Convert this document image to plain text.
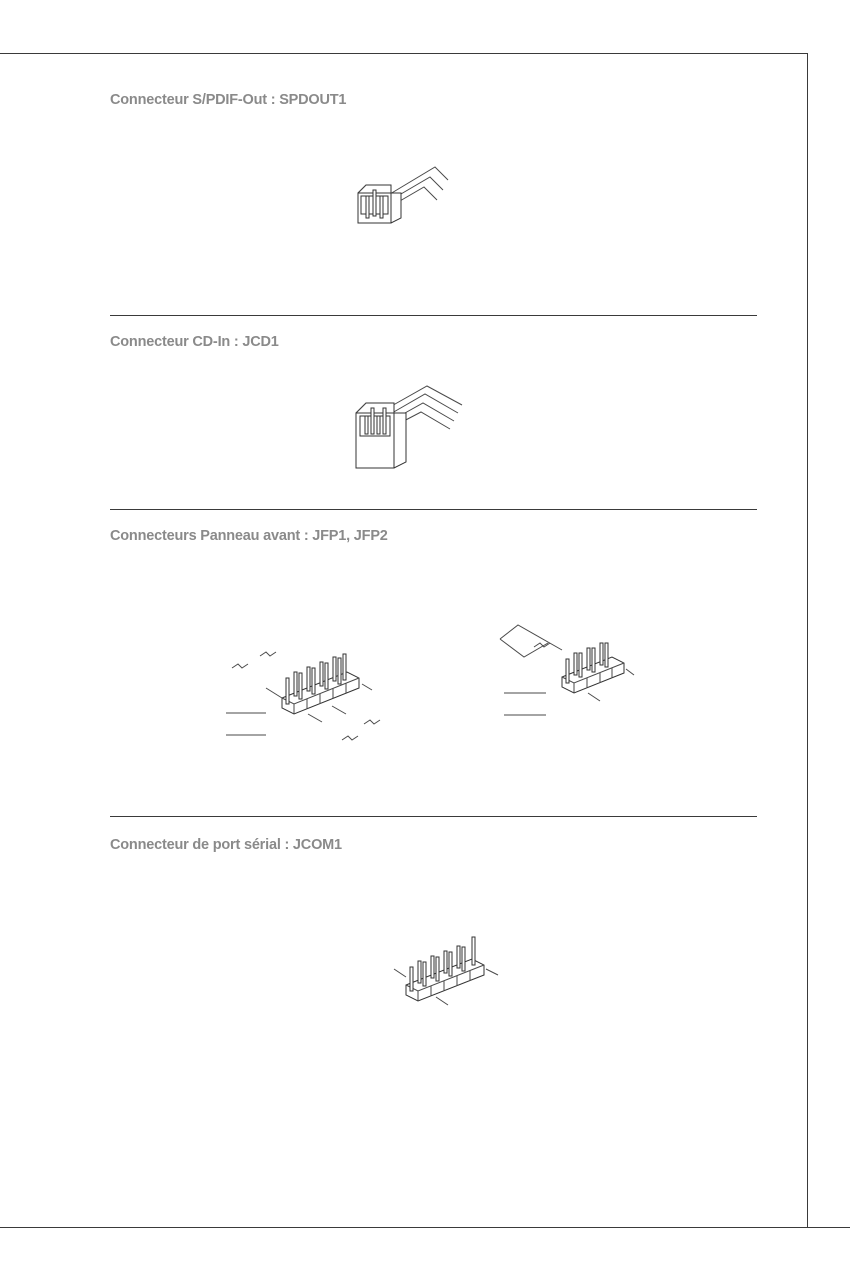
Connecteur S/PDIF-Out : SPDOUT1
Connecteur CD-In : JCD1
Connecteurs Panneau avant : JFP1, JFP2
Connecteur de port sérial : JCOM1
